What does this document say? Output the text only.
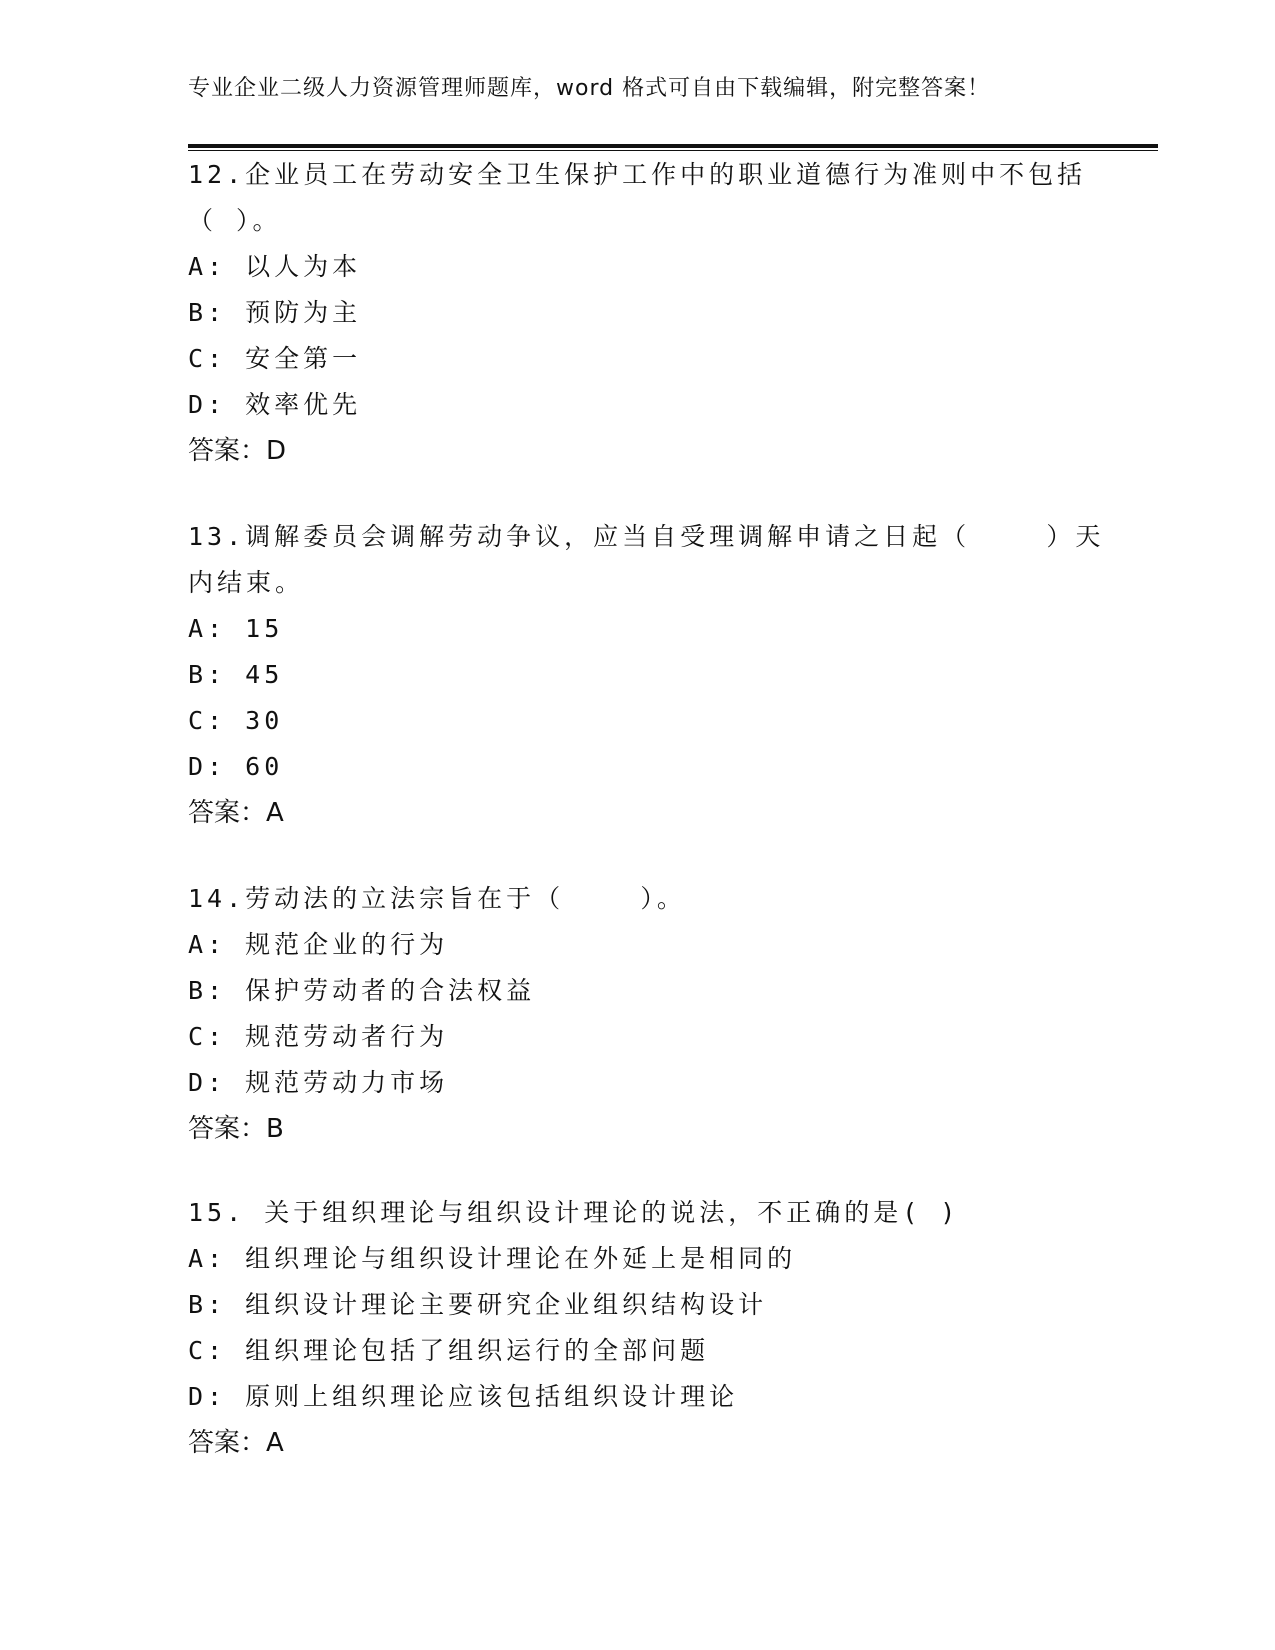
专业企业二级人力资源管理师题库，word 格式可自由下载编辑，附完整答案！
12.企业员工在劳动安全卫生保护工作中的职业道德行为准则中不包括
（ ）。
A: 以人为本
B: 预防为主
C: 安全第一
D: 效率优先
答案：D
13.调解委员会调解劳动争议，应当自受理调解申请之日起（    ）天
内结束。
A: 15
B: 45
C: 30
D: 60
答案：A
14.劳动法的立法宗旨在于（    ）。
A: 规范企业的行为
B: 保护劳动者的合法权益
C: 规范劳动者行为
D: 规范劳动力市场
答案：B
15. 关于组织理论与组织设计理论的说法，不正确的是( )
A: 组织理论与组织设计理论在外延上是相同的
B: 组织设计理论主要研究企业组织结构设计
C: 组织理论包括了组织运行的全部问题
D: 原则上组织理论应该包括组织设计理论
答案：A
